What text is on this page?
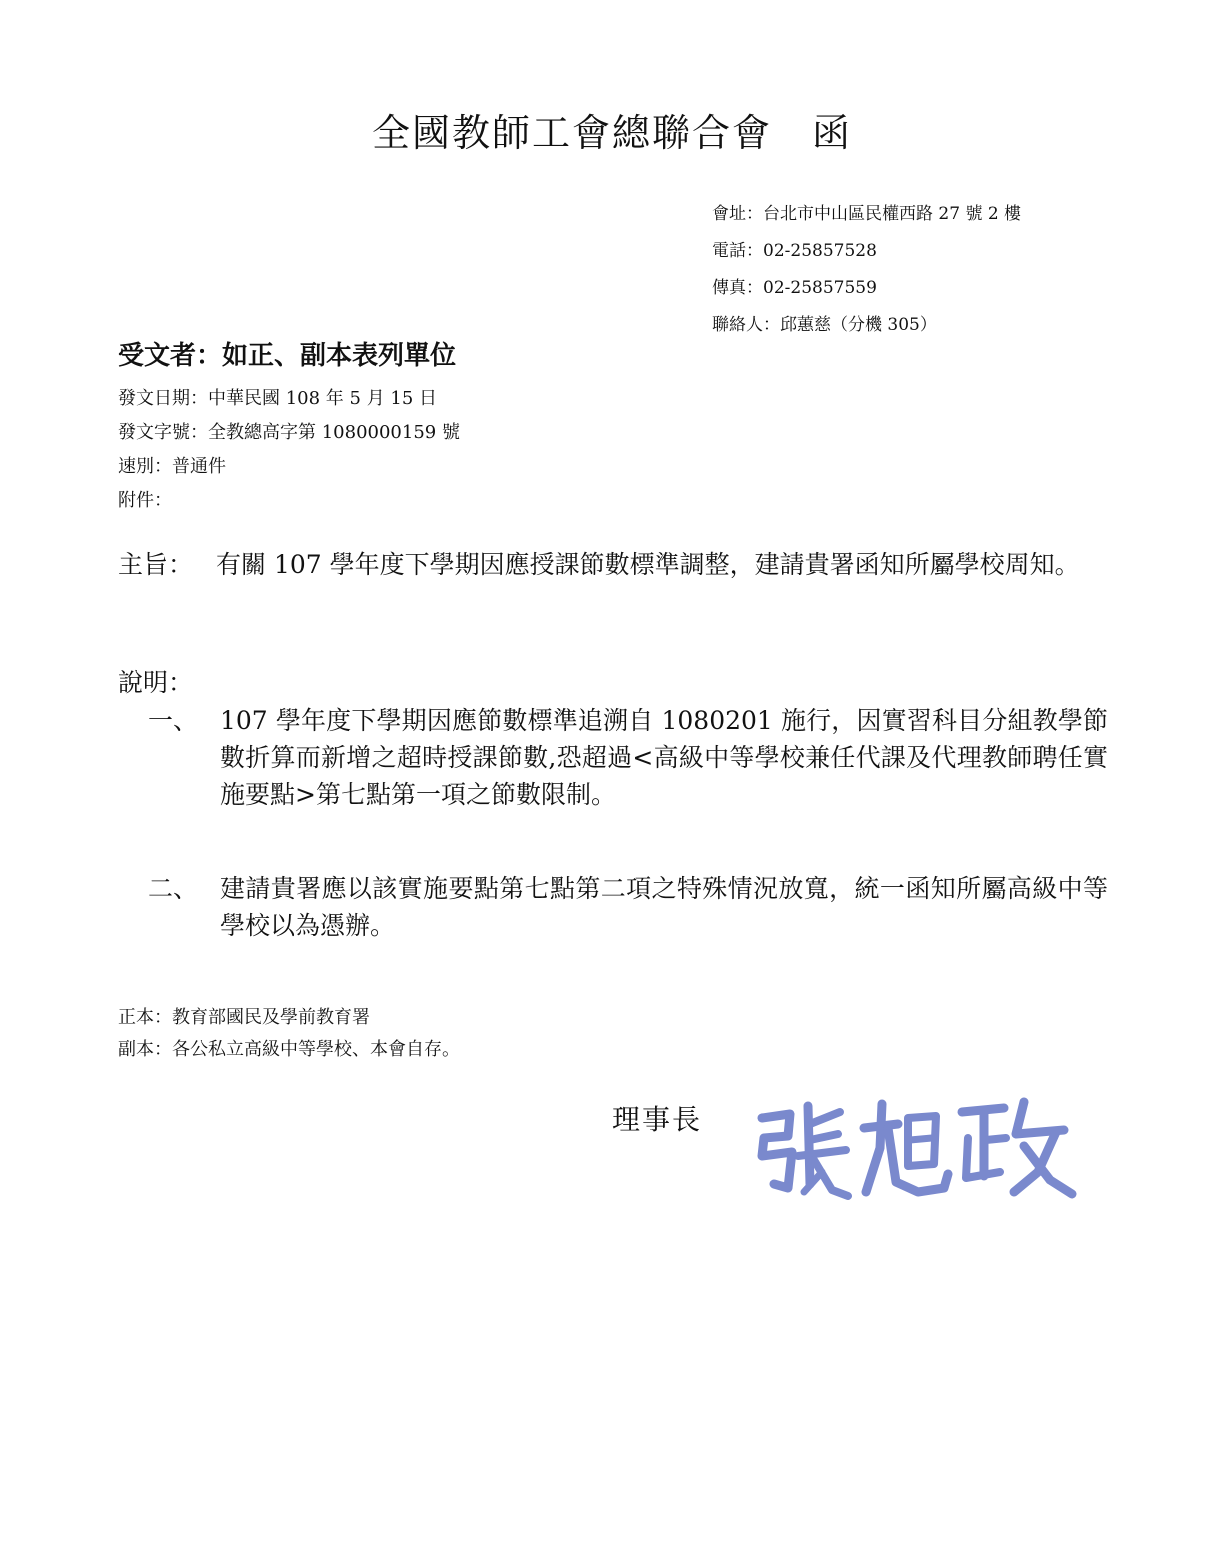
全國教師工會總聯合會　函
會址：台北市中山區民權西路 27 號 2 樓
電話：02-25857528
傳真：02-25857559
聯絡人：邱蕙慈（分機 305）
受文者：如正、副本表列單位
發文日期：中華民國 108 年 5 月 15 日
發文字號：全教總高字第 1080000159 號
速別：普通件
附件：
主旨： 有關 107 學年度下學期因應授課節數標準調整，建請貴署函知所屬學校周知。
說明：
一、 107 學年度下學期因應節數標準追溯自 1080201 施行，因實習科目分組教學節數折算而新增之超時授課節數,恐超過<高級中等學校兼任代課及代理教師聘任實施要點>第七點第一項之節數限制。
二、 建請貴署應以該實施要點第七點第二項之特殊情況放寬，統一函知所屬高級中等學校以為憑辦。
正本：教育部國民及學前教育署
副本：各公私立高級中等學校、本會自存。
理事長
